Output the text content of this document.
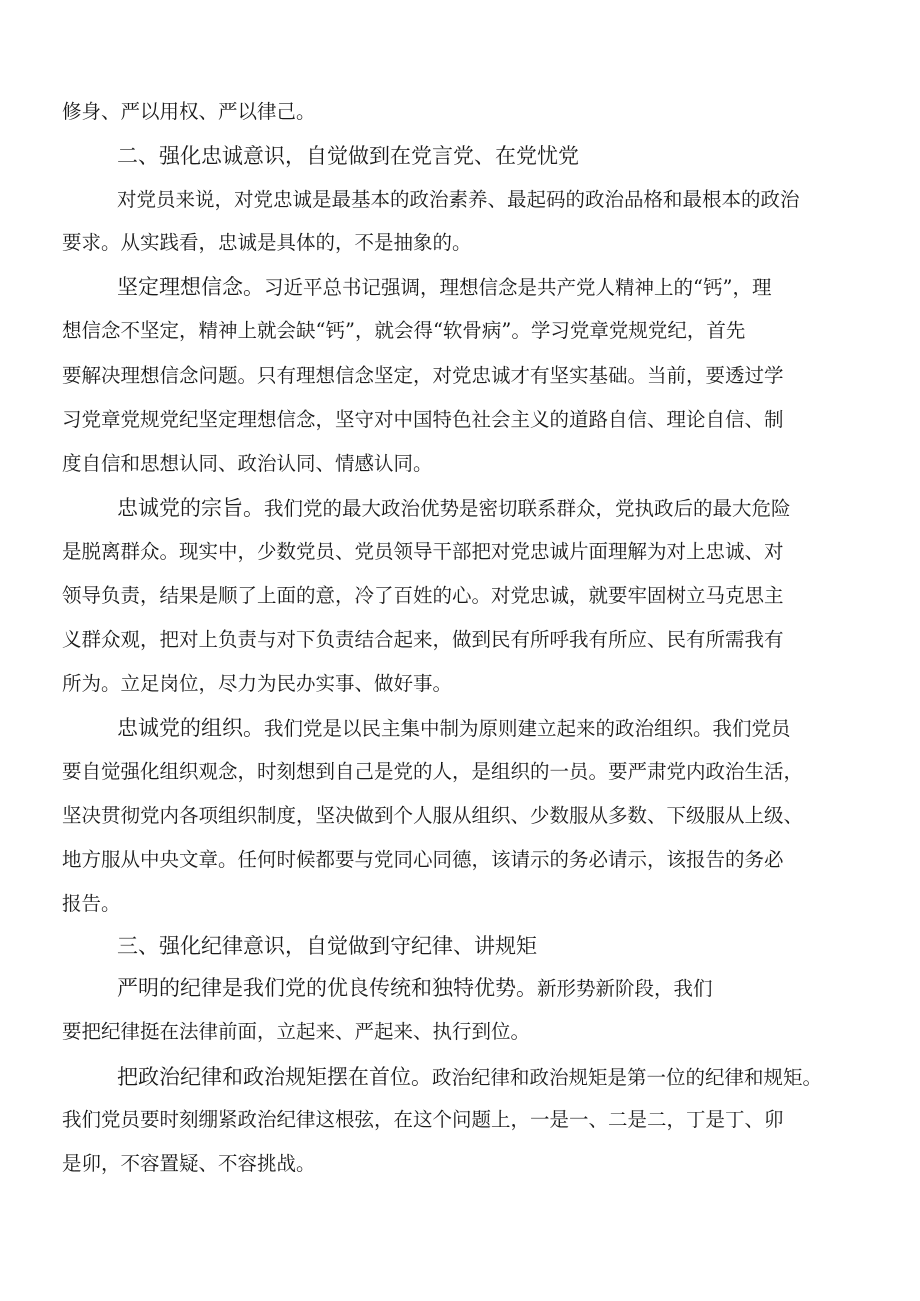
修身、严以用权、严以律己。
二、强化忠诚意识，自觉做到在党言党、在党忧党
对党员来说，对党忠诚是最基本的政治素养、最起码的政治品格和最根本的政治
要求。从实践看，忠诚是具体的，不是抽象的。
坚定理想信念。习近平总书记强调，理想信念是共产党人精神上的“钙”，理
想信念不坚定，精神上就会缺“钙”，就会得“软骨病”。学习党章党规党纪，首先
要解决理想信念问题。只有理想信念坚定，对党忠诚才有坚实基础。当前，要透过学
习党章党规党纪坚定理想信念，坚守对中国特色社会主义的道路自信、理论自信、制
度自信和思想认同、政治认同、情感认同。
忠诚党的宗旨。我们党的最大政治优势是密切联系群众，党执政后的最大危险
是脱离群众。现实中，少数党员、党员领导干部把对党忠诚片面理解为对上忠诚、对
领导负责，结果是顺了上面的意，冷了百姓的心。对党忠诚，就要牢固树立马克思主
义群众观，把对上负责与对下负责结合起来，做到民有所呼我有所应、民有所需我有
所为。立足岗位，尽力为民办实事、做好事。
忠诚党的组织。我们党是以民主集中制为原则建立起来的政治组织。我们党员
要自觉强化组织观念，时刻想到自己是党的人，是组织的一员。要严肃党内政治生活，
坚决贯彻党内各项组织制度，坚决做到个人服从组织、少数服从多数、下级服从上级、
地方服从中央文章。任何时候都要与党同心同德，该请示的务必请示，该报告的务必
报告。
三、强化纪律意识，自觉做到守纪律、讲规矩
严明的纪律是我们党的优良传统和独特优势。新形势新阶段，我们
要把纪律挺在法律前面，立起来、严起来、执行到位。
把政治纪律和政治规矩摆在首位。政治纪律和政治规矩是第一位的纪律和规矩。
我们党员要时刻绷紧政治纪律这根弦，在这个问题上，一是一、二是二，丁是丁、卯
是卯，不容置疑、不容挑战。
